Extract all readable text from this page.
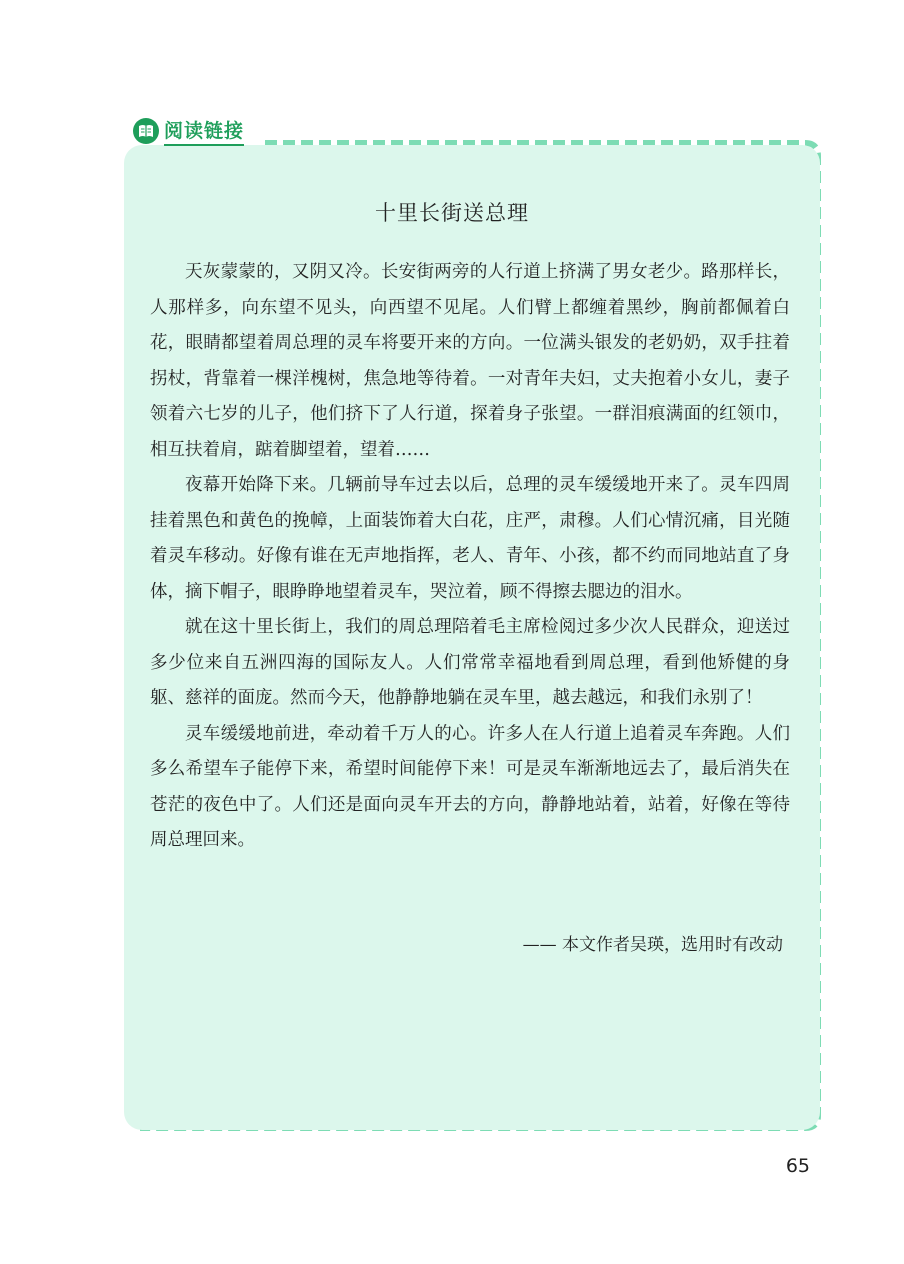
阅读链接
十里长街送总理

天灰蒙蒙的，又阴又冷。长安街两旁的人行道上挤满了男女老少。路那样长，人那样多，向东望不见头，向西望不见尾。人们臂上都缠着黑纱，胸前都佩着白花，眼睛都望着周总理的灵车将要开来的方向。一位满头银发的老奶奶，双手拄着拐杖，背靠着一棵洋槐树，焦急地等待着。一对青年夫妇，丈夫抱着小女儿，妻子领着六七岁的儿子，他们挤下了人行道，探着身子张望。一群泪痕满面的红领巾，相互扶着肩，踮着脚望着，望着……

夜幕开始降下来。几辆前导车过去以后，总理的灵车缓缓地开来了。灵车四周挂着黑色和黄色的挽幛，上面装饰着大白花，庄严，肃穆。人们心情沉痛，目光随着灵车移动。好像有谁在无声地指挥，老人、青年、小孩，都不约而同地站直了身体，摘下帽子，眼睁睁地望着灵车，哭泣着，顾不得擦去腮边的泪水。

就在这十里长街上，我们的周总理陪着毛主席检阅过多少次人民群众，迎送过多少位来自五洲四海的国际友人。人们常常幸福地看到周总理，看到他矫健的身躯、慈祥的面庞。然而今天，他静静地躺在灵车里，越去越远，和我们永别了！

灵车缓缓地前进，牵动着千万人的心。许多人在人行道上追着灵车奔跑。人们多么希望车子能停下来，希望时间能停下来！可是灵车渐渐地远去了，最后消失在苍茫的夜色中了。人们还是面向灵车开去的方向，静静地站着，站着，好像在等待周总理回来。

—— 本文作者吴瑛，选用时有改动
65
